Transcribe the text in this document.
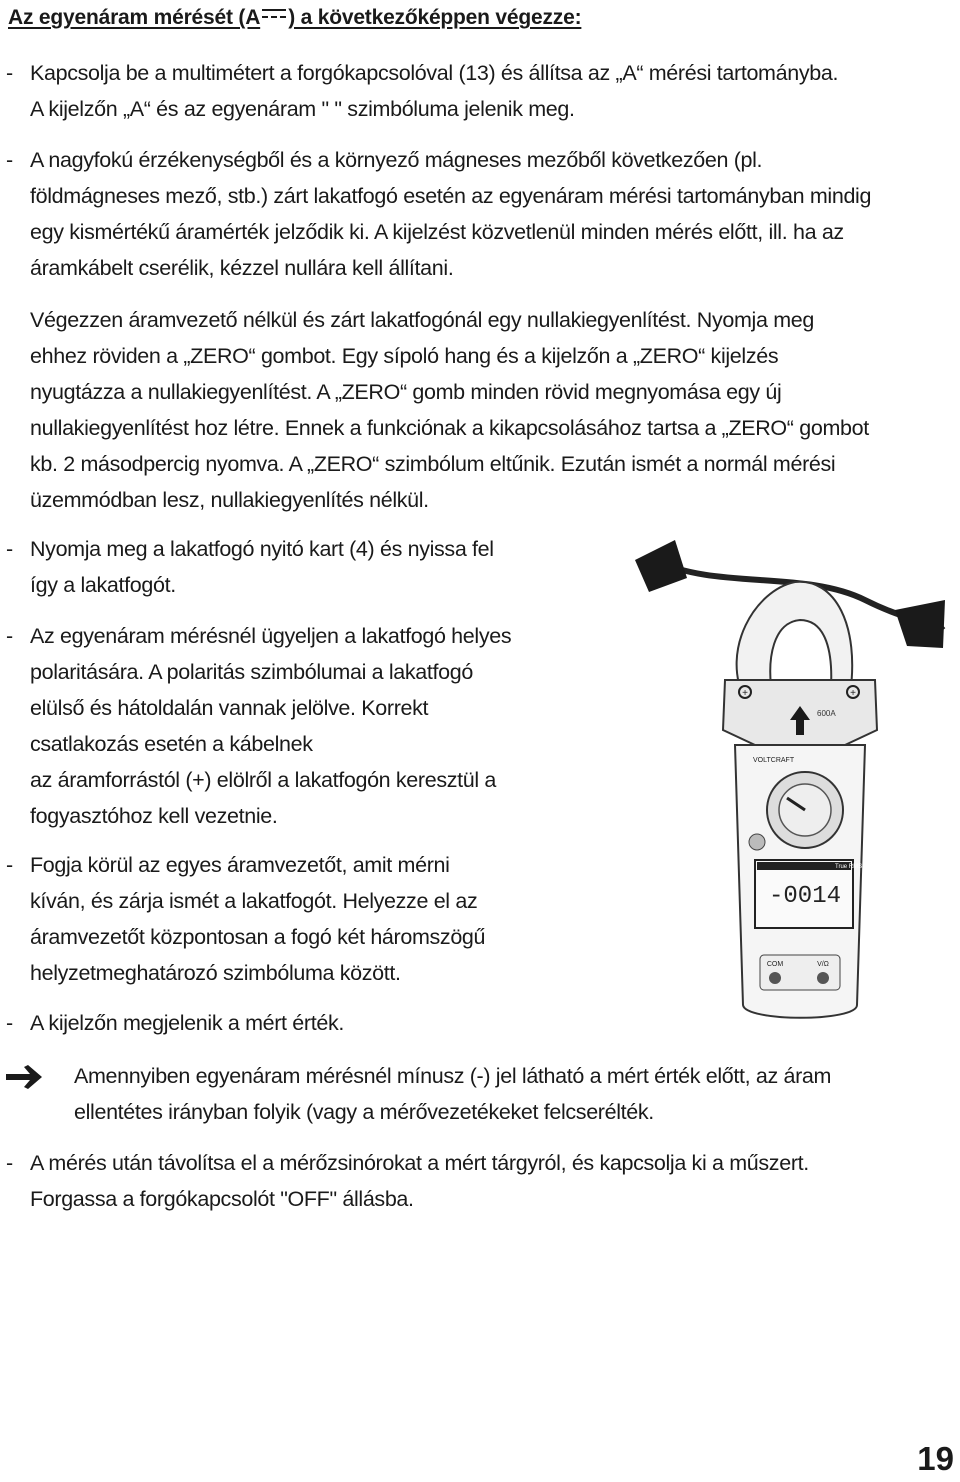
Az egyenáram mérését (A ) a következőképpen végezze:
- Kapcsolja be a multimétert a forgókapcsolóval (13) és állítsa az „A“ mérési tartományba.
A kijelzőn „A“ és az egyenáram " " szimbóluma jelenik meg.
- A nagyfokú érzékenységből és a környező mágneses mezőből következően (pl.
földmágneses mező, stb.) zárt lakatfogó esetén az egyenáram mérési tartományban mindig
egy kismértékű áramérték jelződik ki. A kijelzést közvetlenül minden mérés előtt, ill. ha az
áramkábelt cserélik, kézzel nullára kell állítani.
Végezzen áramvezető nélkül és zárt lakatfogónál egy nullakiegyenlítést. Nyomja meg
ehhez röviden a „ZERO“ gombot. Egy sípoló hang és a kijelzőn a „ZERO“ kijelzés
nyugtázza a nullakiegyenlítést. A „ZERO“ gomb minden rövid megnyomása egy új
nullakiegyenlítést hoz létre. Ennek a funkciónak a kikapcsolásához tartsa a „ZERO“ gombot
kb. 2 másodpercig nyomva. A „ZERO“ szimbólum eltűnik. Ezután ismét a normál mérési
üzemmódban lesz, nullakiegyenlítés nélkül.
- Nyomja meg a lakatfogó nyitó kart (4) és nyissa fel
így a lakatfogót.
- Az egyenáram mérésnél ügyeljen a lakatfogó helyes
polaritására. A polaritás szimbólumai a lakatfogó
elülső és hátoldalán vannak jelölve. Korrekt
csatlakozás esetén a kábelnek
az áramforrástól (+) elölről a lakatfogón keresztül a
fogyasztóhoz kell vezetnie.
- Fogja körül az egyes áramvezetőt, amit mérni
kíván, és zárja ismét a lakatfogót. Helyezze el az
áramvezetőt központosan a fogó két háromszögű
helyzetmeghatározó szimbóluma között.
- A kijelzőn megjelenik a mért érték.
Amennyiben egyenáram mérésnél mínusz (-) jel látható a mért érték előtt, az áram
ellentétes irányban folyik (vagy a mérővezetékeket felcserélték.
- A mérés után távolítsa el a mérőzsinórokat a mért tárgyról, és kapcsolja ki a műszert.
Forgassa a forgókapcsolót "OFF" állásba.
+	+
600A
VOLTCRAFT
True RMS
-0014
COM	V/Ω
19
